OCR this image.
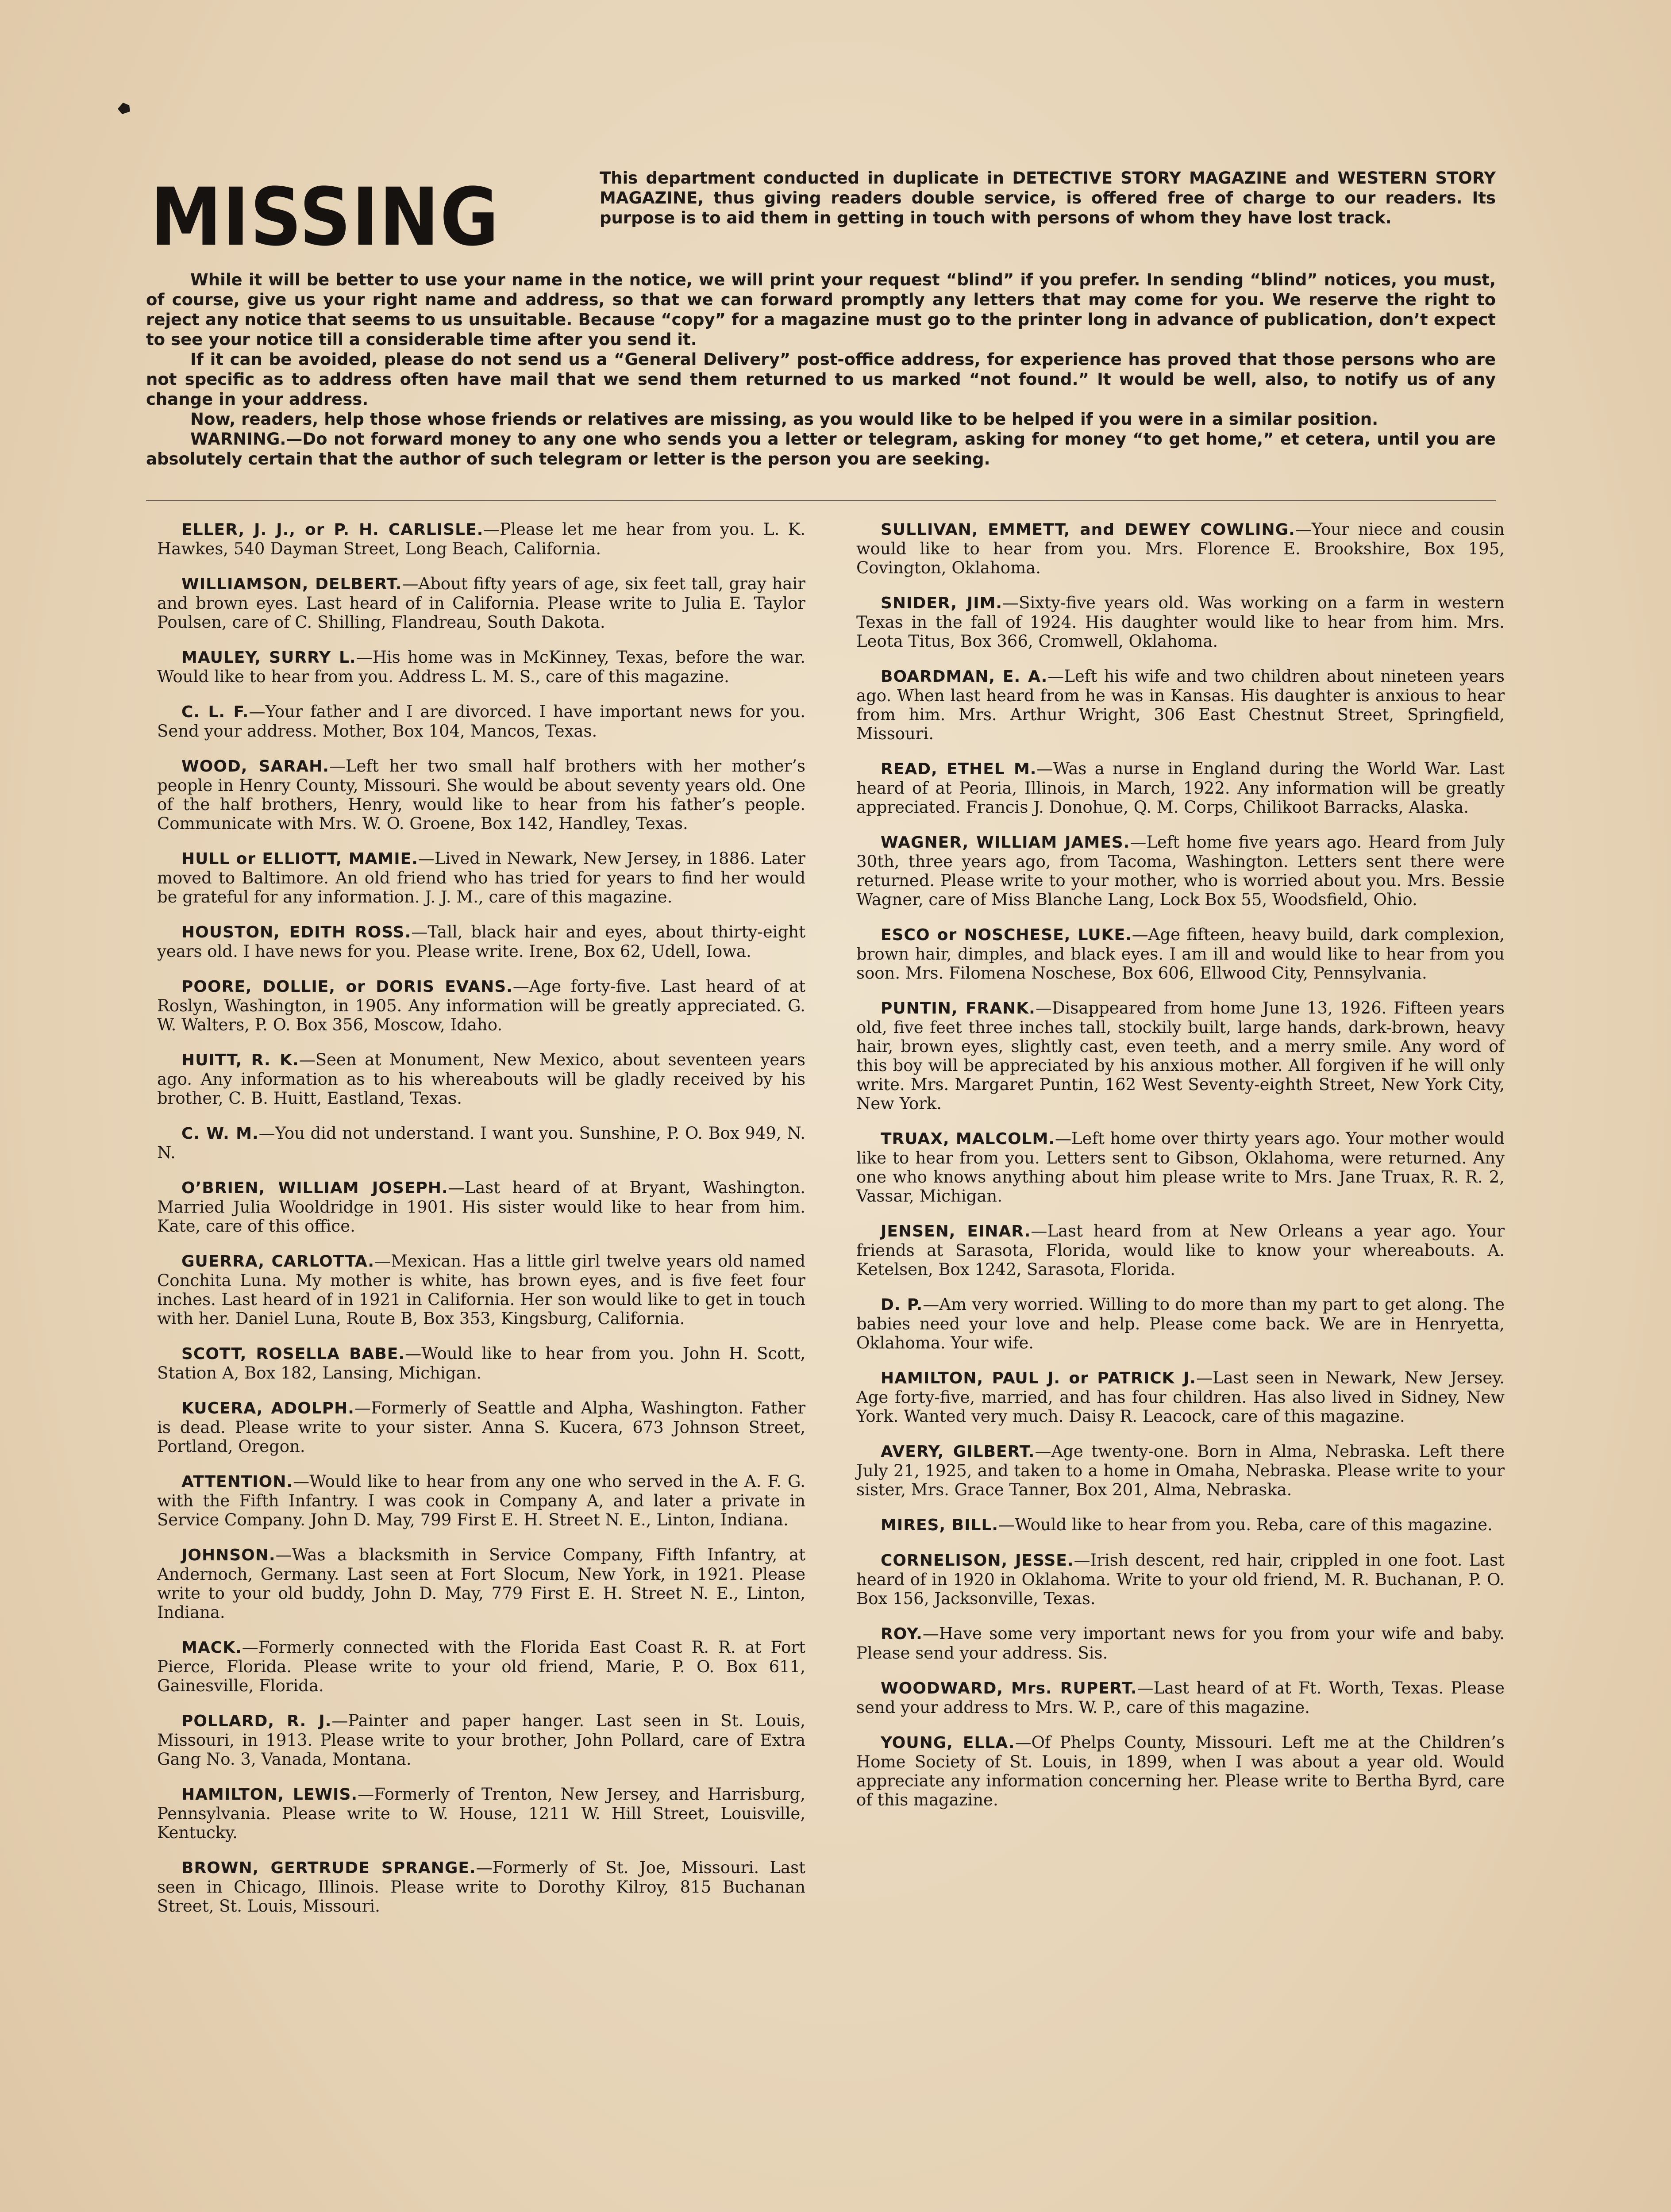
MISSING	This department conducted in duplicate in DETECTIVE STORY MAGAZINE and WESTERN STORY MAGAZINE, thus giving readers double service, is offered free of charge to our readers. Its purpose is to aid them in getting in touch with persons of whom they have lost track.

While it will be better to use your name in the notice, we will print your request “blind” if you prefer. In sending “blind” notices, you must, of course, give us your right name and address, so that we can forward promptly any letters that may come for you. We reserve the right to reject any notice that seems to us unsuitable. Because “copy” for a magazine must go to the printer long in advance of publication, don’t expect to see your notice till a considerable time after you send it.

If it can be avoided, please do not send us a “General Delivery” post-office address, for experience has proved that those persons who are not specific as to address often have mail that we send them returned to us marked “not found.” It would be well, also, to notify us of any change in your address.

Now, readers, help those whose friends or relatives are missing, as you would like to be helped if you were in a similar position.

WARNING.—Do not forward money to any one who sends you a letter or telegram, asking for money “to get home,” et cetera, until you are absolutely certain that the author of such telegram or letter is the person you are seeking.

ELLER, J. J., or P. H. CARLISLE.—Please let me hear from you. L. K. Hawkes, 540 Dayman Street, Long Beach, California.

WILLIAMSON, DELBERT.—About fifty years of age, six feet tall, gray hair and brown eyes. Last heard of in California. Please write to Julia E. Taylor Poulsen, care of C. Shilling, Flandreau, South Dakota.

MAULEY, SURRY L.—His home was in McKinney, Texas, before the war. Would like to hear from you. Address L. M. S., care of this magazine.

C. L. F.—Your father and I are divorced. I have important news for you. Send your address. Mother, Box 104, Mancos, Texas.

WOOD, SARAH.—Left her two small half brothers with her mother’s people in Henry County, Missouri. She would be about seventy years old. One of the half brothers, Henry, would like to hear from his father’s people. Communicate with Mrs. W. O. Groene, Box 142, Handley, Texas.

HULL or ELLIOTT, MAMIE.—Lived in Newark, New Jersey, in 1886. Later moved to Baltimore. An old friend who has tried for years to find her would be grateful for any information. J. J. M., care of this magazine.

HOUSTON, EDITH ROSS.—Tall, black hair and eyes, about thirty-eight years old. I have news for you. Please write. Irene, Box 62, Udell, Iowa.

POORE, DOLLIE, or DORIS EVANS.—Age forty-five. Last heard of at Roslyn, Washington, in 1905. Any information will be greatly appreciated. G. W. Walters, P. O. Box 356, Moscow, Idaho.

HUITT, R. K.—Seen at Monument, New Mexico, about seventeen years ago. Any information as to his whereabouts will be gladly received by his brother, C. B. Huitt, Eastland, Texas.

C. W. M.—You did not understand. I want you. Sunshine, P. O. Box 949, N. N.

O’BRIEN, WILLIAM JOSEPH.—Last heard of at Bryant, Washington. Married Julia Wooldridge in 1901. His sister would like to hear from him. Kate, care of this office.

GUERRA, CARLOTTA.—Mexican. Has a little girl twelve years old named Conchita Luna. My mother is white, has brown eyes, and is five feet four inches. Last heard of in 1921 in California. Her son would like to get in touch with her. Daniel Luna, Route B, Box 353, Kingsburg, California.

SCOTT, ROSELLA BABE.—Would like to hear from you. John H. Scott, Station A, Box 182, Lansing, Michigan.

KUCERA, ADOLPH.—Formerly of Seattle and Alpha, Washington. Father is dead. Please write to your sister. Anna S. Kucera, 673 Johnson Street, Portland, Oregon.

ATTENTION.—Would like to hear from any one who served in the A. F. G. with the Fifth Infantry. I was cook in Company A, and later a private in Service Company. John D. May, 799 First E. H. Street N. E., Linton, Indiana.

JOHNSON.—Was a blacksmith in Service Company, Fifth Infantry, at Andernoch, Germany. Last seen at Fort Slocum, New York, in 1921. Please write to your old buddy, John D. May, 779 First E. H. Street N. E., Linton, Indiana.

MACK.—Formerly connected with the Florida East Coast R. R. at Fort Pierce, Florida. Please write to your old friend, Marie, P. O. Box 611, Gainesville, Florida.

POLLARD, R. J.—Painter and paper hanger. Last seen in St. Louis, Missouri, in 1913. Please write to your brother, John Pollard, care of Extra Gang No. 3, Vanada, Montana.

HAMILTON, LEWIS.—Formerly of Trenton, New Jersey, and Harrisburg, Pennsylvania. Please write to W. House, 1211 W. Hill Street, Louisville, Kentucky.

BROWN, GERTRUDE SPRANGE.—Formerly of St. Joe, Missouri. Last seen in Chicago, Illinois. Please write to Dorothy Kilroy, 815 Buchanan Street, St. Louis, Missouri.

SULLIVAN, EMMETT, and DEWEY COWLING.—Your niece and cousin would like to hear from you. Mrs. Florence E. Brookshire, Box 195, Covington, Oklahoma.

SNIDER, JIM.—Sixty-five years old. Was working on a farm in western Texas in the fall of 1924. His daughter would like to hear from him. Mrs. Leota Titus, Box 366, Cromwell, Oklahoma.

BOARDMAN, E. A.—Left his wife and two children about nineteen years ago. When last heard from he was in Kansas. His daughter is anxious to hear from him. Mrs. Arthur Wright, 306 East Chestnut Street, Springfield, Missouri.

READ, ETHEL M.—Was a nurse in England during the World War. Last heard of at Peoria, Illinois, in March, 1922. Any information will be greatly appreciated. Francis J. Donohue, Q. M. Corps, Chilikoot Barracks, Alaska.

WAGNER, WILLIAM JAMES.—Left home five years ago. Heard from July 30th, three years ago, from Tacoma, Washington. Letters sent there were returned. Please write to your mother, who is worried about you. Mrs. Bessie Wagner, care of Miss Blanche Lang, Lock Box 55, Woodsfield, Ohio.

ESCO or NOSCHESE, LUKE.—Age fifteen, heavy build, dark complexion, brown hair, dimples, and black eyes. I am ill and would like to hear from you soon. Mrs. Filomena Noschese, Box 606, Ellwood City, Pennsylvania.

PUNTIN, FRANK.—Disappeared from home June 13, 1926. Fifteen years old, five feet three inches tall, stockily built, large hands, dark-brown, heavy hair, brown eyes, slightly cast, even teeth, and a merry smile. Any word of this boy will be appreciated by his anxious mother. All forgiven if he will only write. Mrs. Margaret Puntin, 162 West Seventy-eighth Street, New York City, New York.

TRUAX, MALCOLM.—Left home over thirty years ago. Your mother would like to hear from you. Letters sent to Gibson, Oklahoma, were returned. Any one who knows anything about him please write to Mrs. Jane Truax, R. R. 2, Vassar, Michigan.

JENSEN, EINAR.—Last heard from at New Orleans a year ago. Your friends at Sarasota, Florida, would like to know your whereabouts. A. Ketelsen, Box 1242, Sarasota, Florida.

D. P.—Am very worried. Willing to do more than my part to get along. The babies need your love and help. Please come back. We are in Henryetta, Oklahoma. Your wife.

HAMILTON, PAUL J. or PATRICK J.—Last seen in Newark, New Jersey. Age forty-five, married, and has four children. Has also lived in Sidney, New York. Wanted very much. Daisy R. Leacock, care of this magazine.

AVERY, GILBERT.—Age twenty-one. Born in Alma, Nebraska. Left there July 21, 1925, and taken to a home in Omaha, Nebraska. Please write to your sister, Mrs. Grace Tanner, Box 201, Alma, Nebraska.

MIRES, BILL.—Would like to hear from you. Reba, care of this magazine.

CORNELISON, JESSE.—Irish descent, red hair, crippled in one foot. Last heard of in 1920 in Oklahoma. Write to your old friend, M. R. Buchanan, P. O. Box 156, Jacksonville, Texas.

ROY.—Have some very important news for you from your wife and baby. Please send your address. Sis.

WOODWARD, Mrs. RUPERT.—Last heard of at Ft. Worth, Texas. Please send your address to Mrs. W. P., care of this magazine.

YOUNG, ELLA.—Of Phelps County, Missouri. Left me at the Children’s Home Society of St. Louis, in 1899, when I was about a year old. Would appreciate any information concerning her. Please write to Bertha Byrd, care of this magazine.
